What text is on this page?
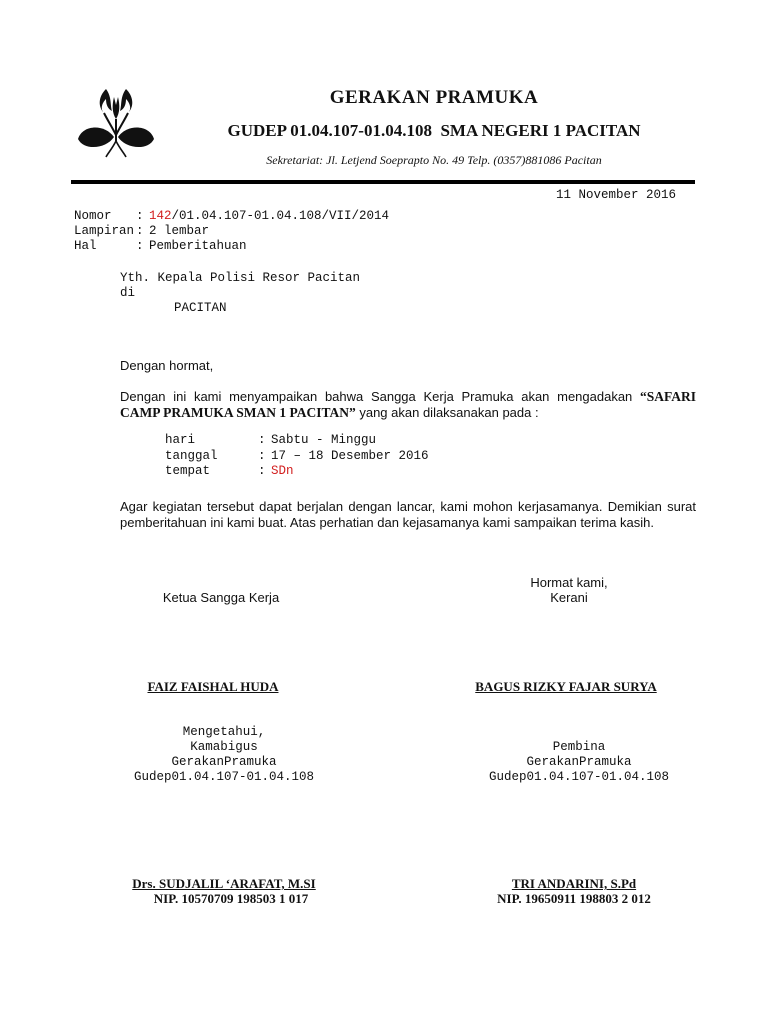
GERAKAN PRAMUKA
GUDEP 01.04.107-01.04.108  SMA NEGERI 1 PACITAN
Sekretariat: Jl. Letjend Soeprapto No. 49 Telp. (0357)881086 Pacitan
11 November 2016
Nomor : 142/01.04.107-01.04.108/VII/2014
Lampiran : 2 lembar
Hal	: Pemberitahuan
Yth. Kepala Polisi Resor Pacitan
di
PACITAN
Dengan hormat,
Dengan ini kami menyampaikan bahwa Sangga Kerja Pramuka akan mengadakan “SAFARI CAMP PRAMUKA SMAN 1 PACITAN” yang akan dilaksanakan pada :
hari	: Sabtu - Minggu
tanggal	: 17 – 18 Desember 2016
tempat	: SDn
Agar kegiatan tersebut dapat berjalan dengan lancar, kami mohon kerjasamanya. Demikian surat pemberitahuan ini kami buat. Atas perhatian dan kejasamanya kami sampaikan terima kasih.
Ketua Sangga Kerja
Hormat kami,
Kerani
FAIZ FAISHAL HUDA	BAGUS RIZKY FAJAR SURYA
Mengetahui,
Kamabigus
GerakanPramuka
Gudep01.04.107-01.04.108
Pembina
GerakanPramuka
Gudep01.04.107-01.04.108
Drs. SUDJALIL ‘ARAFAT, M.SI
NIP. 10570709 198503 1 017
TRI ANDARINI, S.Pd
NIP. 19650911 198803 2 012
